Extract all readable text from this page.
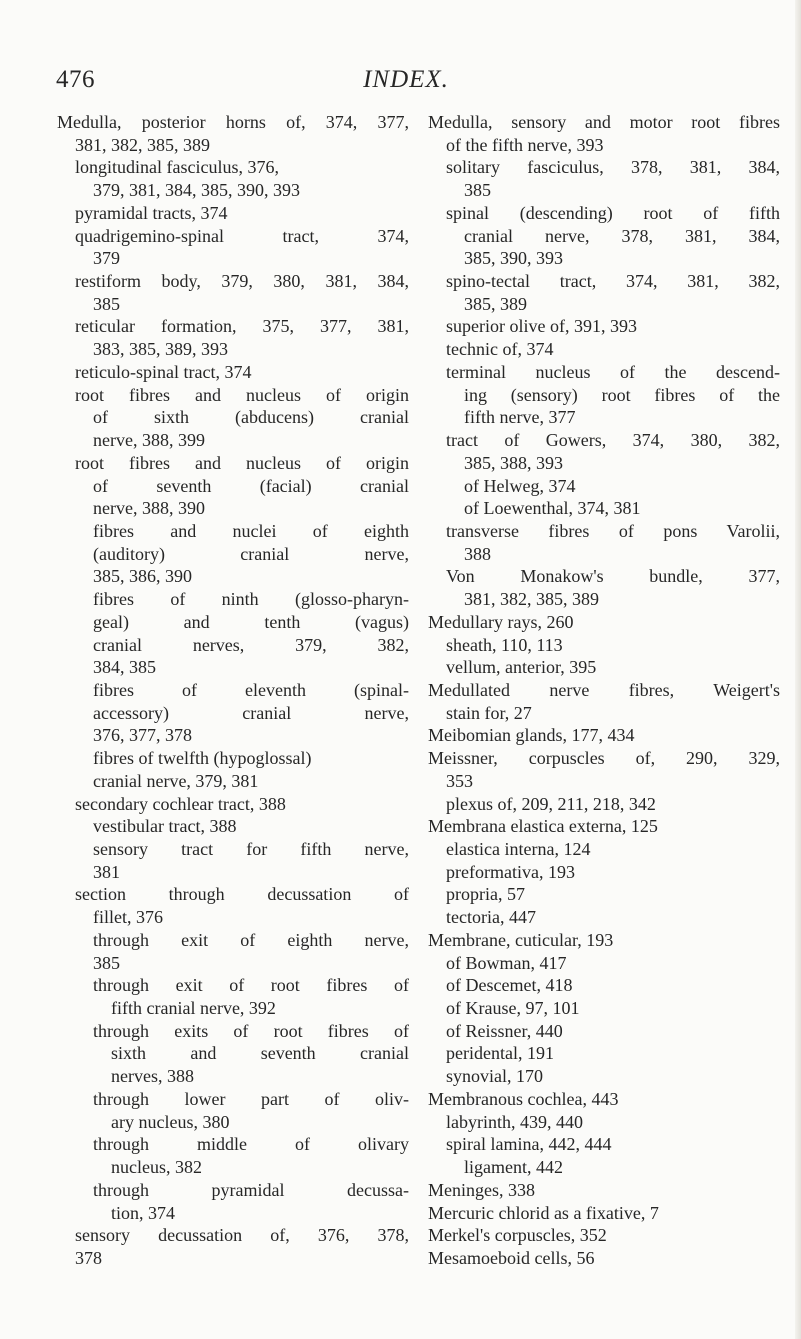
476	INDEX.
Medulla, posterior horns of, 374, 377,
381, 382, 385, 389
longitudinal fasciculus, 376,
379, 381, 384, 385, 390, 393
pyramidal tracts, 374
quadrigemino-spinal tract, 374,
379
restiform body, 379, 380, 381, 384,
385
reticular formation, 375, 377, 381,
383, 385, 389, 393
reticulo-spinal tract, 374
root fibres and nucleus of origin
of sixth (abducens) cranial
nerve, 388, 399
root fibres and nucleus of origin
of seventh (facial) cranial
nerve, 388, 390
fibres and nuclei of eighth
(auditory) cranial nerve,
385, 386, 390
fibres of ninth (glosso-pharyn-
geal) and tenth (vagus)
cranial nerves, 379, 382,
384, 385
fibres of eleventh (spinal-
accessory) cranial nerve,
376, 377, 378
fibres of twelfth (hypoglossal)
cranial nerve, 379, 381
secondary cochlear tract, 388
vestibular tract, 388
sensory tract for fifth nerve,
381
section through decussation of
fillet, 376
through exit of eighth nerve,
385
through exit of root fibres of
fifth cranial nerve, 392
through exits of root fibres of
sixth and seventh cranial
nerves, 388
through lower part of oliv-
ary nucleus, 380
through middle of olivary
nucleus, 382
through pyramidal decussa-
tion, 374
sensory decussation of, 376, 378,
378
Medulla, sensory and motor root fibres
of the fifth nerve, 393
solitary fasciculus, 378, 381, 384,
385
spinal (descending) root of fifth
cranial nerve, 378, 381, 384,
385, 390, 393
spino-tectal tract, 374, 381, 382,
385, 389
superior olive of, 391, 393
technic of, 374
terminal nucleus of the descend-
ing (sensory) root fibres of the
fifth nerve, 377
tract of Gowers, 374, 380, 382,
385, 388, 393
of Helweg, 374
of Loewenthal, 374, 381
transverse fibres of pons Varolii,
388
Von Monakow's bundle, 377,
381, 382, 385, 389
Medullary rays, 260
sheath, 110, 113
vellum, anterior, 395
Medullated nerve fibres, Weigert's
stain for, 27
Meibomian glands, 177, 434
Meissner, corpuscles of, 290, 329,
353
plexus of, 209, 211, 218, 342
Membrana elastica externa, 125
elastica interna, 124
preformativa, 193
propria, 57
tectoria, 447
Membrane, cuticular, 193
of Bowman, 417
of Descemet, 418
of Krause, 97, 101
of Reissner, 440
peridental, 191
synovial, 170
Membranous cochlea, 443
labyrinth, 439, 440
spiral lamina, 442, 444
ligament, 442
Meninges, 338
Mercuric chlorid as a fixative, 7
Merkel's corpuscles, 352
Mesamoeboid cells, 56
